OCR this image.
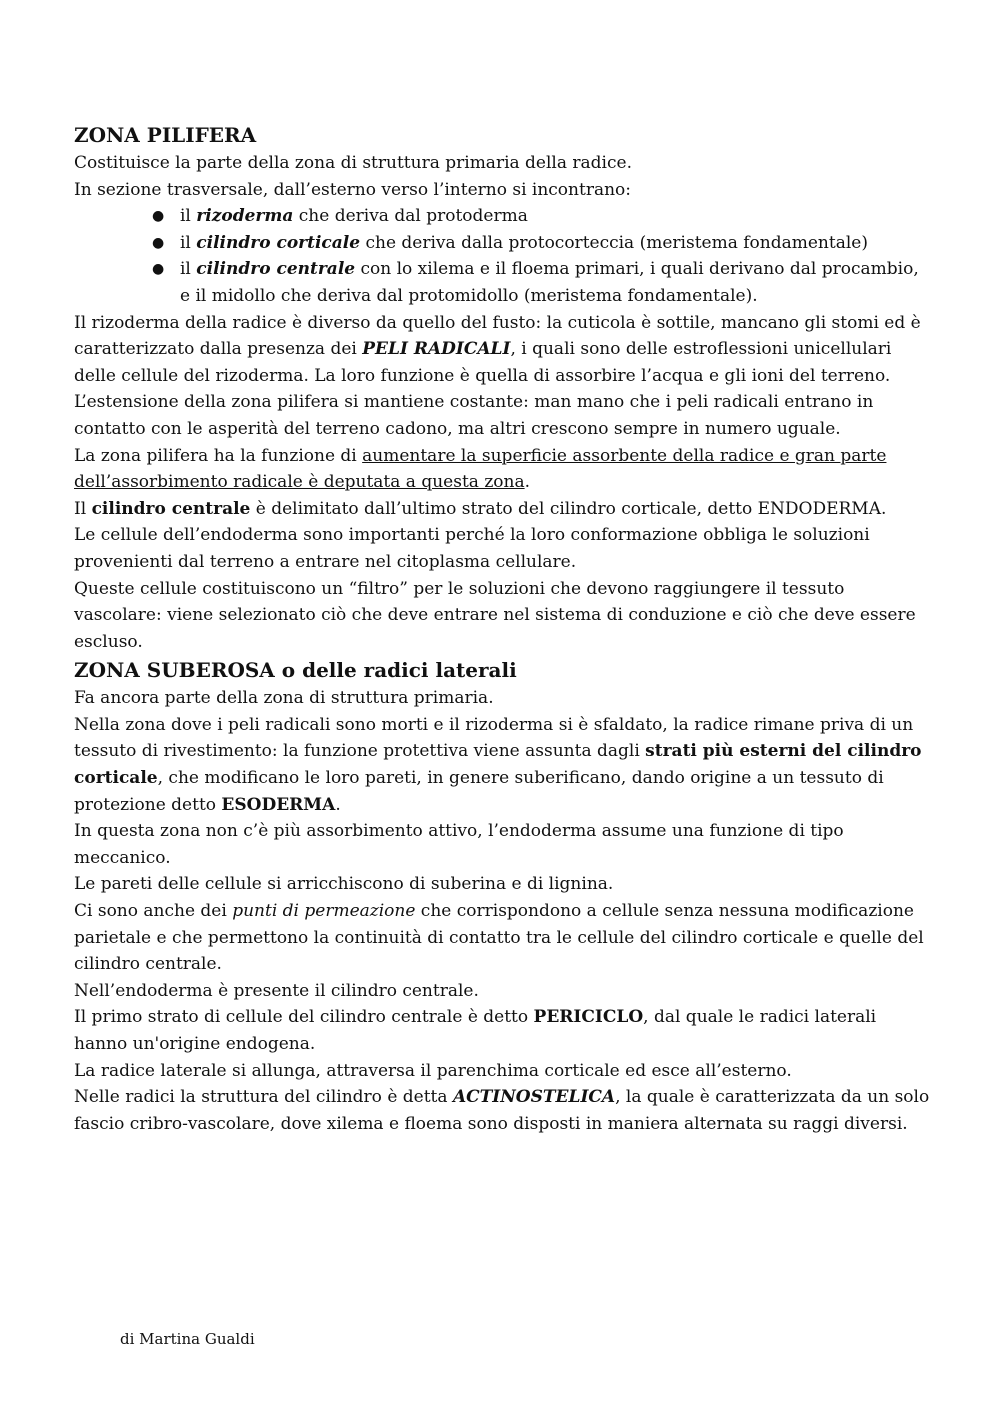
ZONA PILIFERA

Costituisce la parte della zona di struttura primaria della radice.

In sezione trasversale, dall’esterno verso l’interno si incontrano:

● il rizoderma che deriva dal protoderma
● il cilindro corticale che deriva dalla protocorteccia (meristema fondamentale)
● il cilindro centrale con lo xilema e il floema primari, i quali derivano dal procambio, e il midollo che deriva dal protomidollo (meristema fondamentale).

Il rizoderma della radice è diverso da quello del fusto: la cuticola è sottile, mancano gli stomi ed è caratterizzato dalla presenza dei PELI RADICALI, i quali sono delle estroflessioni unicellulari delle cellule del rizoderma. La loro funzione è quella di assorbire l’acqua e gli ioni del terreno.

L’estensione della zona pilifera si mantiene costante: man mano che i peli radicali entrano in contatto con le asperità del terreno cadono, ma altri crescono sempre in numero uguale.

La zona pilifera ha la funzione di aumentare la superficie assorbente della radice e gran parte dell’assorbimento radicale è deputata a questa zona.

Il cilindro centrale è delimitato dall’ultimo strato del cilindro corticale, detto ENDODERMA.

Le cellule dell’endoderma sono importanti perché la loro conformazione obbliga le soluzioni provenienti dal terreno a entrare nel citoplasma cellulare.

Queste cellule costituiscono un “filtro” per le soluzioni che devono raggiungere il tessuto vascolare: viene selezionato ciò che deve entrare nel sistema di conduzione e ciò che deve essere escluso.

ZONA SUBEROSA o delle radici laterali

Fa ancora parte della zona di struttura primaria.

Nella zona dove i peli radicali sono morti e il rizoderma si è sfaldato, la radice rimane priva di un tessuto di rivestimento: la funzione protettiva viene assunta dagli strati più esterni del cilindro corticale, che modificano le loro pareti, in genere suberificano, dando origine a un tessuto di protezione detto ESODERMA.

In questa zona non c’è più assorbimento attivo, l’endoderma assume una funzione di tipo meccanico.

Le pareti delle cellule si arricchiscono di suberina e di lignina.

Ci sono anche dei punti di permeazione che corrispondono a cellule senza nessuna modificazione parietale e che permettono la continuità di contatto tra le cellule del cilindro corticale e quelle del cilindro centrale.

Nell’endoderma è presente il cilindro centrale.

Il primo strato di cellule del cilindro centrale è detto PERICICLO, dal quale le radici laterali hanno un'origine endogena.

La radice laterale si allunga, attraversa il parenchima corticale ed esce all’esterno.

Nelle radici la struttura del cilindro è detta ACTINOSTELICA, la quale è caratterizzata da un solo fascio cribro-vascolare, dove xilema e floema sono disposti in maniera alternata su raggi diversi.

di Martina Gualdi
